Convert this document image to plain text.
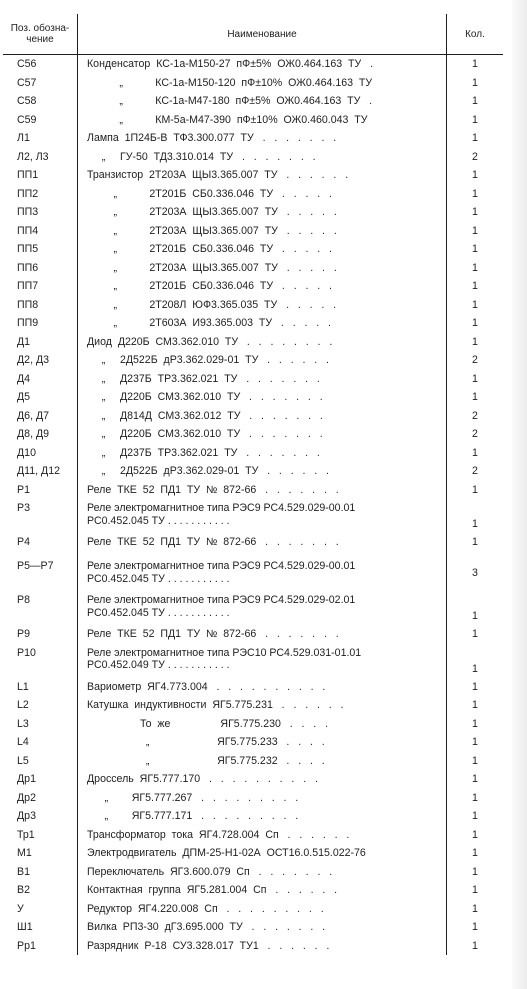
Поз. обозна-чение	Наименование	Кол.
С56	Конденсатор  КС-1а-М150-27  пФ±5%  ОЖ0.464.163  ТУ   .	1
С57	„           КС-1а-М150-120  пФ±10%  ОЖ0.464.163  ТУ	1
С58	„           КС-1а-М47-180  пФ±5%  ОЖ0.464.163  ТУ   .	1
С59	„           КМ-5а-М47-390  пФ±10%  ОЖ0.460.043  ТУ	1
Л1	Лампа  1П24Б-В  ТФ3.300.077  ТУ   .   .   .   .   .   .   .	1
Л2, Л3	„     ГУ-50  ТД3.310.014  ТУ   .   .   .   .   .   .   .	2
ПП1	Транзистор  2Т203А  ЩЫ3.365.007  ТУ   .   .   .   .   .   .	1
ПП2	„           2Т201Б  СБ0.336.046  ТУ   .   .   .   .   .	1
ПП3	„           2Т203А  ЩЫ3.365.007  ТУ   .   .   .   .   .	1
ПП4	„           2Т203А  ЩЫ3.365.007  ТУ   .   .   .   .   .	1
ПП5	„           2Т201Б  СБ0.336.046  ТУ   .   .   .   .   .	1
ПП6	„           2Т203А  ЩЫ3.365.007  ТУ   .   .   .   .   .	1
ПП7	„           2Т201Б  СБ0.336.046  ТУ   .   .   .   .   .	1
ПП8	„           2Т208Л  ЮФ3.365.035  ТУ   .   .   .   .   .	1
ПП9	„           2Т603А  И93.365.003  ТУ   .   .   .   .   .	1
Д1	Диод  Д220Б  СМ3.362.010  ТУ   .   .   .   .   .   .   .   .	1
Д2, Д3	„     2Д522Б  дР3.362.029-01  ТУ   .   .   .   .   .   .	2
Д4	„     Д237Б  ТР3.362.021  ТУ   .   .   .   .   .   .   .	1
Д5	„     Д220Б  СМ3.362.010  ТУ   .   .   .   .   .   .   .	1
Д6, Д7	„     Д814Д  СМ3.362.012  ТУ   .   .   .   .   .   .   .	2
Д8, Д9	„     Д220Б  СМ3.362.010  ТУ   .   .   .   .   .   .   .	2
Д10	„     Д237Б  ТР3.362.021  ТУ   .   .   .   .   .   .   .	1
Д11, Д12	„     2Д522Б  дР3.362.029-01  ТУ   .   .   .   .   .   .	2
Р1	Реле  ТКЕ  52  ПД1  ТУ  №  872-66   .   .   .   .   .   .   .	1
Р3	Реле электромагнитное типа РЭС9 РС4.529.029-00.01
РС0.452.045 ТУ . . . . . . . . . . .	1
Р4	Реле  ТКЕ  52  ПД1  ТУ  №  872-66   .   .   .   .   .   .   .	1
Р5—Р7	Реле электромагнитное типа РЭС9 РС4.529.029-00.01
РС0.452.045 ТУ . . . . . . . . . . .	3
Р8	Реле электромагнитное типа РЭС9 РС4.529.029-02.01
РС0.452.045 ТУ . . . . . . . . . . .	1
Р9	Реле  ТКЕ  52  ПД1  ТУ  №  872-66   .   .   .   .   .   .   .	1
Р10	Реле электромагнитное типа РЭС10 РС4.529.031-01.01
РС0.452.049 ТУ . . . . . . . . . . .	1
L1	Вариометр  ЯГ4.773.004   .   .   .   .   .   .   .   .   .   .	1
L2	Катушка  индуктивности  ЯГ5.775.231   .   .   .   .   .   .	1
L3	То  же                 ЯГ5.775.230   .   .   .   .	1
L4	„                       ЯГ5.775.233   .   .   .   .	1
L5	„                       ЯГ5.775.232   .   .   .   .	1
Др1	Дроссель  ЯГ5.777.170   .   .   .   .   .   .   .   .   .   .	1
Др2	„        ЯГ5.777.267   .   .   .   .   .   .   .   .   .	1
Др3	„        ЯГ5.777.171   .   .   .   .   .   .   .   .   .	1
Тр1	Трансформатор  тока  ЯГ4.728.004  Сп   .   .   .   .   .   .	1
М1	Электродвигатель  ДПМ-25-Н1-02А  ОСТ16.0.515.022-76	1
В1	Переключатель  ЯГ3.600.079  Сп   .   .   .   .   .   .   .	1
В2	Контактная  группа  ЯГ5.281.004  Сп   .   .   .   .   .   .	1
У	Редуктор  ЯГ4.220.008  Сп   .   .   .   .   .   .   .   .   .	1
Ш1	Вилка  РП3-30  дГ3.695.000  ТУ   .   .   .   .   .   .   .	1
Рр1	Разрядник  Р-18  СУ3.328.017  ТУ1   .   .   .   .   .   .	1
